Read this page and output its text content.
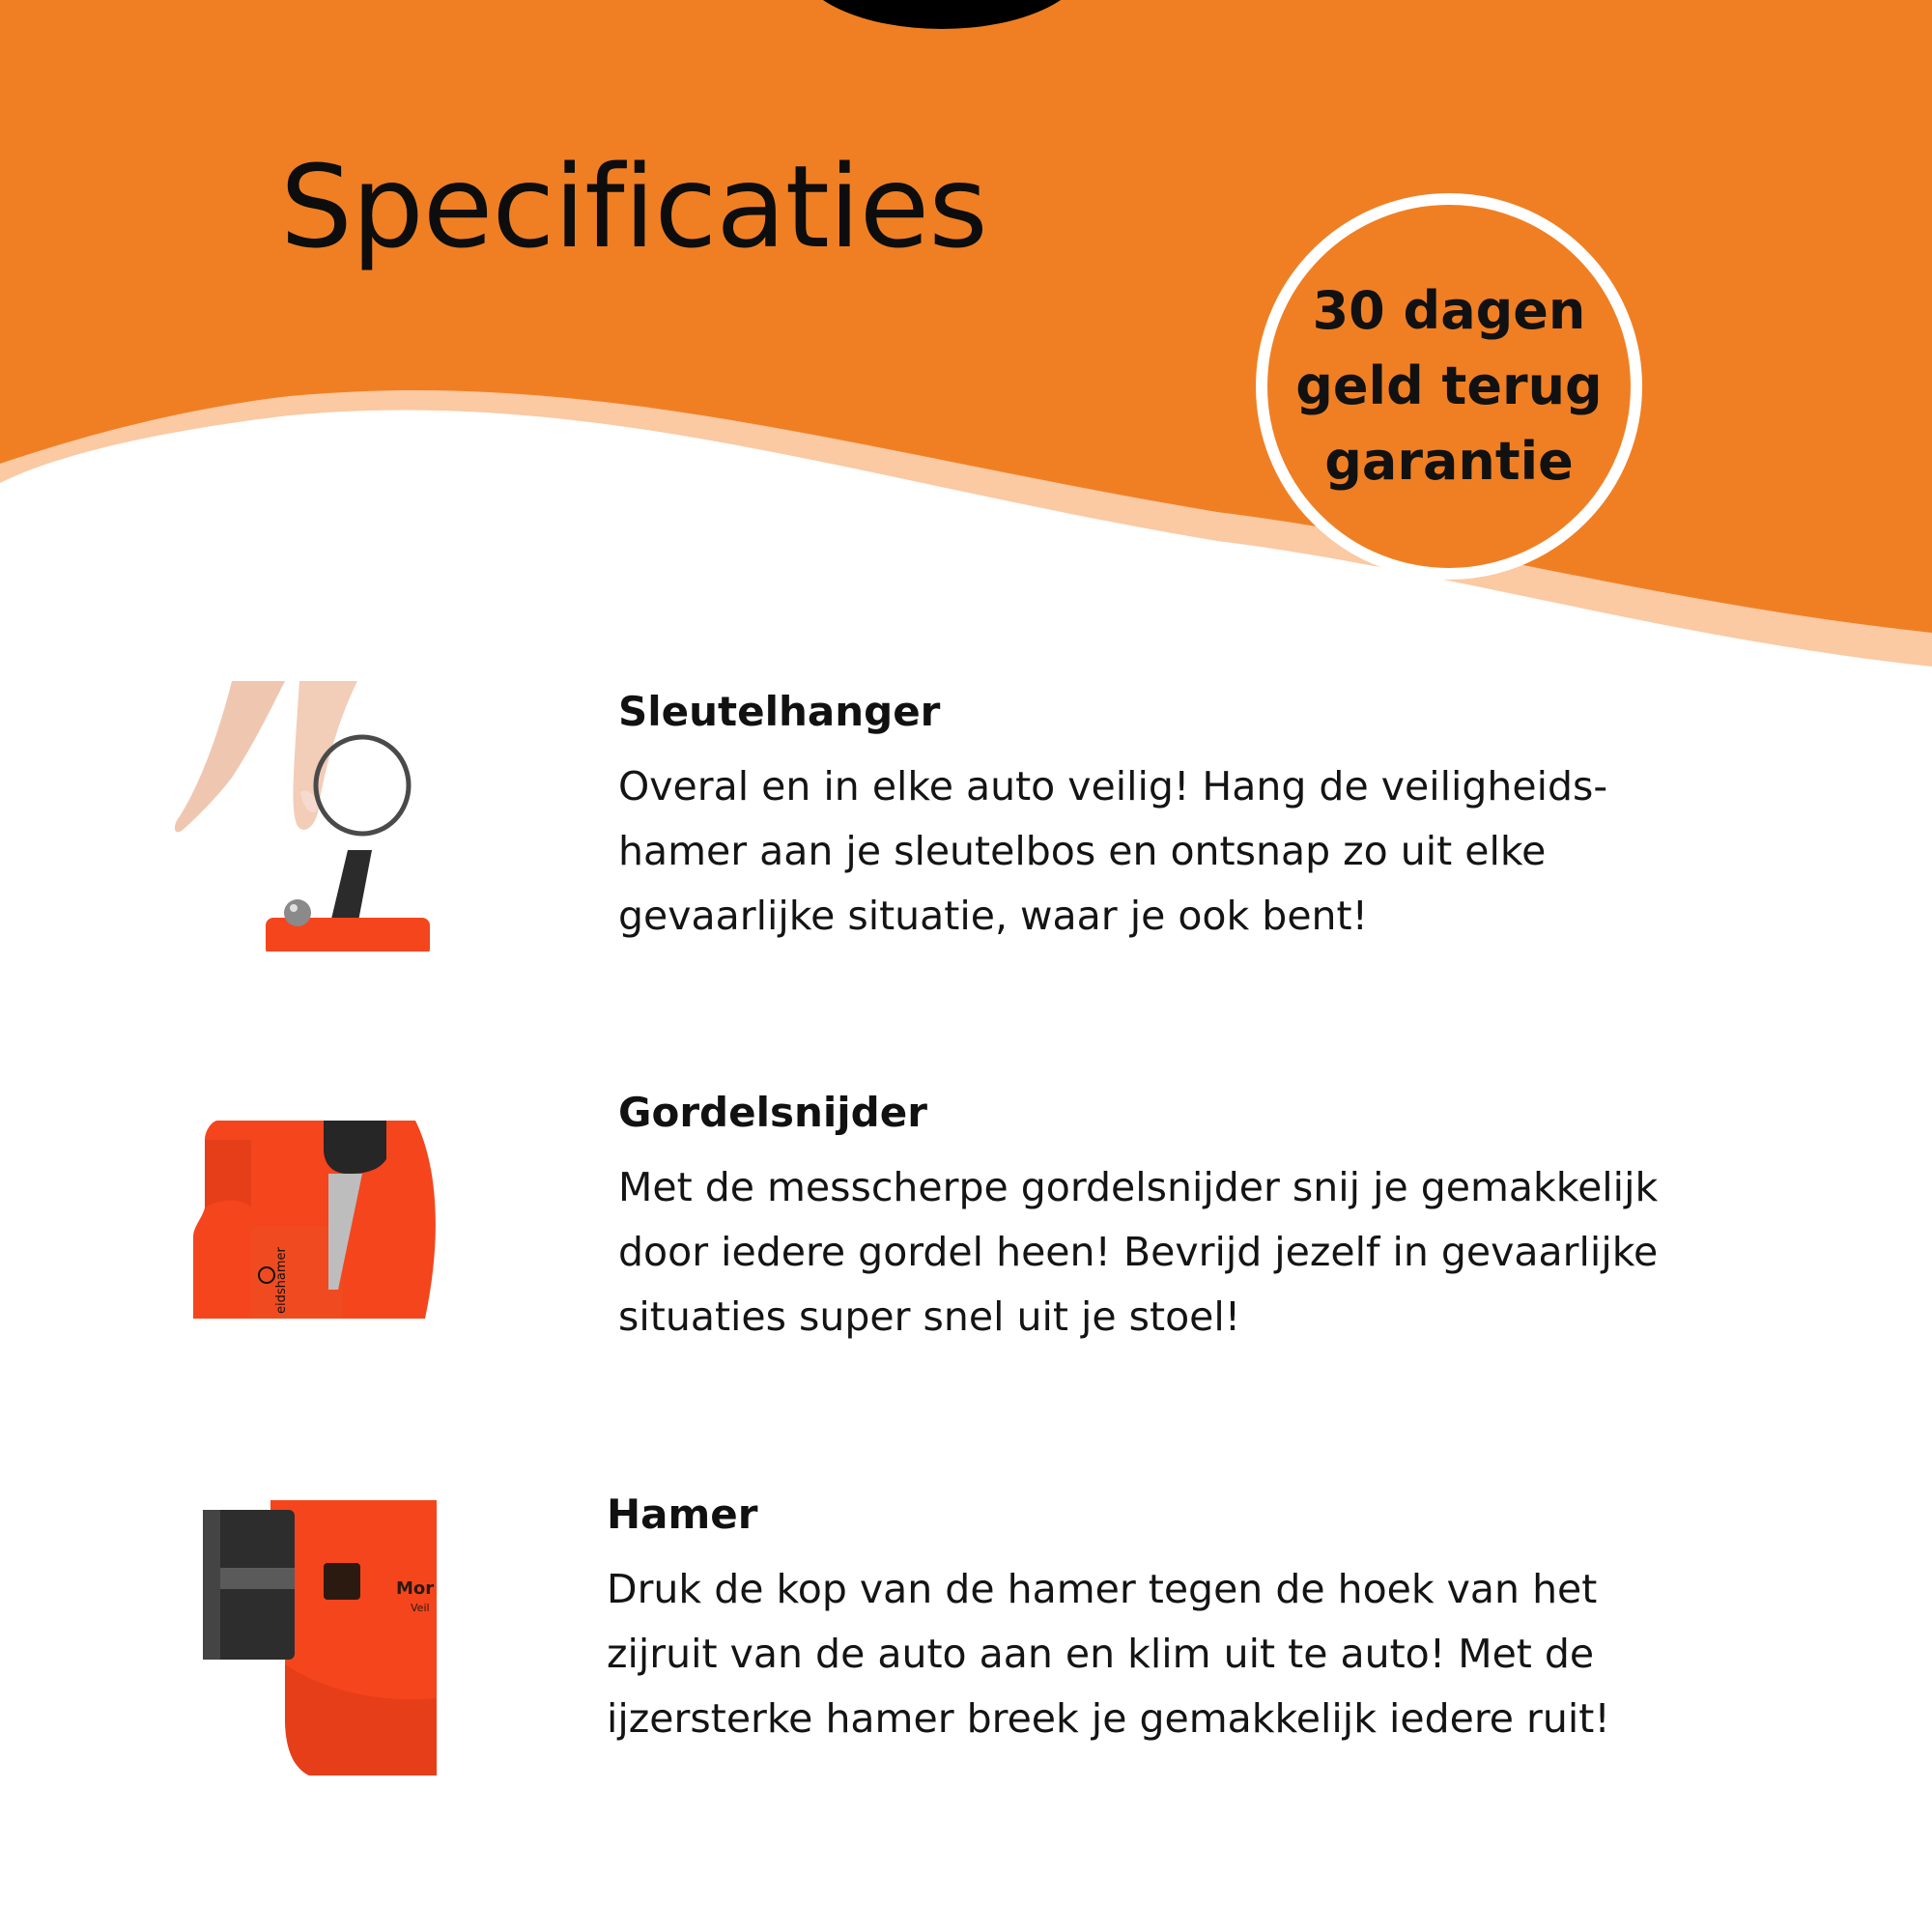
Specificaties
30 dagen
geld terug
garantie
Sleutelhanger

Overal en in elke auto veilig! Hang de veiligheids-hamer aan je sleutelbos en ontsnap zo uit elke gevaarlijke situatie, waar je ook bent!

eidshamer
Gordelsnijder

Met de messcherpe gordelsnijder snij je gemakkelijk door iedere gordel heen! Bevrijd jezelf in gevaarlijke situaties super snel uit je stoel!

Mor
Veil
Hamer

Druk de kop van de hamer tegen de hoek van het zijruit van de auto aan en klim uit te auto! Met de ijzersterke hamer breek je gemakkelijk iedere ruit!
